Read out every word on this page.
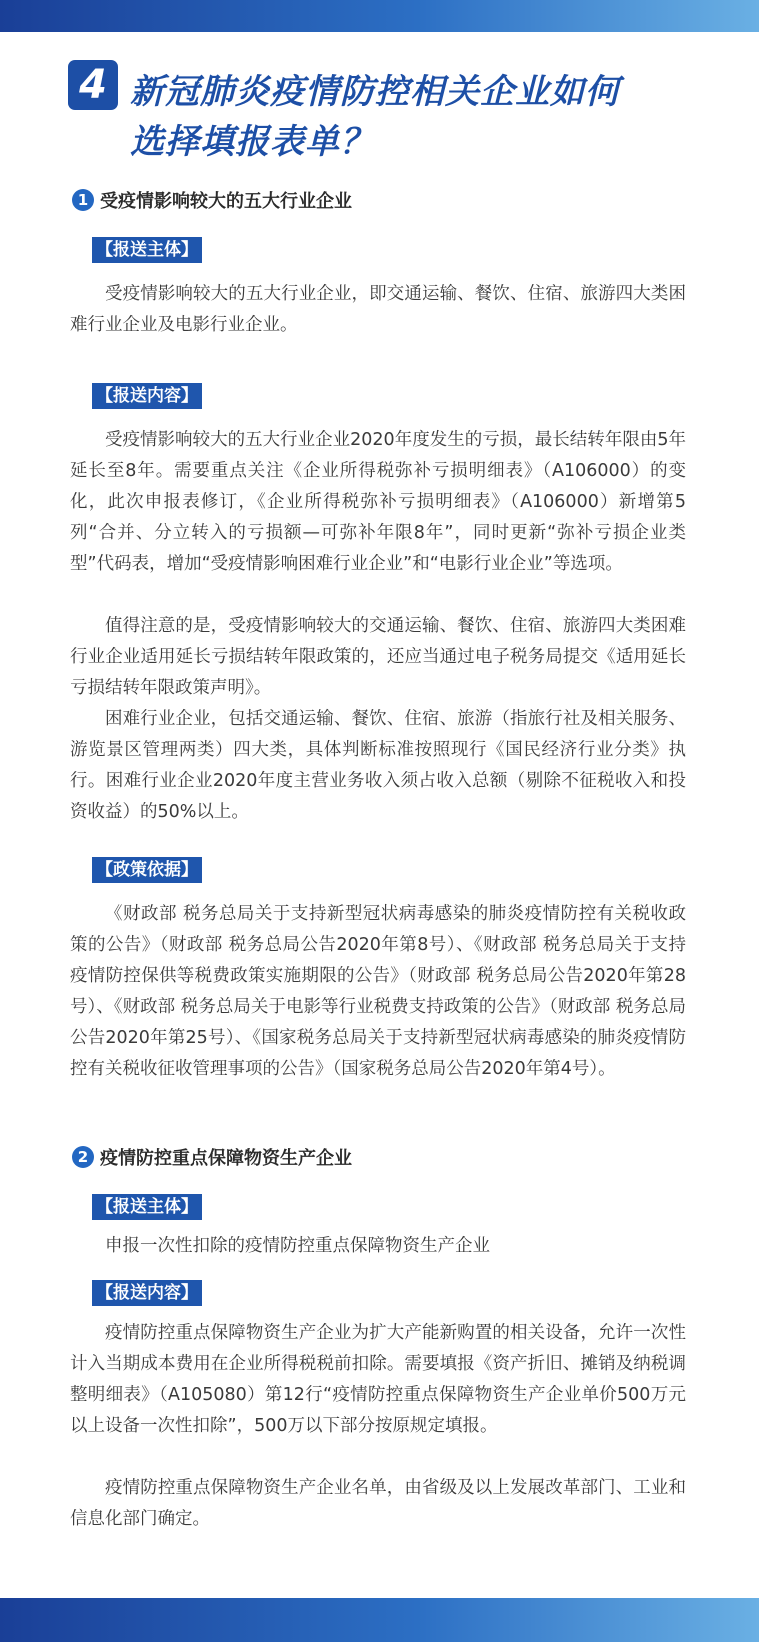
4 新冠肺炎疫情防控相关企业如何
选择填报表单？
1 受疫情影响较大的五大行业企业
【报送主体】

受疫情影响较大的五大行业企业，即交通运输、餐饮、住宿、旅游四大类困难行业企业及电影行业企业。

【报送内容】

受疫情影响较大的五大行业企业2020年度发生的亏损，最长结转年限由5年延长至8年。需要重点关注《企业所得税弥补亏损明细表》（A106000）的变化，此次申报表修订，《企业所得税弥补亏损明细表》（A106000）新增第5列“合并、分立转入的亏损额—可弥补年限8年”，同时更新“弥补亏损企业类型”代码表，增加“受疫情影响困难行业企业”和“电影行业企业”等选项。

值得注意的是，受疫情影响较大的交通运输、餐饮、住宿、旅游四大类困难行业企业适用延长亏损结转年限政策的，还应当通过电子税务局提交《适用延长亏损结转年限政策声明》。

困难行业企业，包括交通运输、餐饮、住宿、旅游（指旅行社及相关服务、游览景区管理两类）四大类，具体判断标准按照现行《国民经济行业分类》执行。困难行业企业2020年度主营业务收入须占收入总额（剔除不征税收入和投资收益）的50%以上。

【政策依据】

《财政部 税务总局关于支持新型冠状病毒感染的肺炎疫情防控有关税收政策的公告》（财政部 税务总局公告2020年第8号）、《财政部 税务总局关于支持疫情防控保供等税费政策实施期限的公告》（财政部 税务总局公告2020年第28号）、《财政部 税务总局关于电影等行业税费支持政策的公告》（财政部 税务总局公告2020年第25号）、《国家税务总局关于支持新型冠状病毒感染的肺炎疫情防控有关税收征收管理事项的公告》（国家税务总局公告2020年第4号）。

2 疫情防控重点保障物资生产企业
【报送主体】

申报一次性扣除的疫情防控重点保障物资生产企业

【报送内容】

疫情防控重点保障物资生产企业为扩大产能新购置的相关设备，允许一次性计入当期成本费用在企业所得税税前扣除。需要填报《资产折旧、摊销及纳税调整明细表》（A105080）第12行“疫情防控重点保障物资生产企业单价500万元以上设备一次性扣除”，500万以下部分按原规定填报。

疫情防控重点保障物资生产企业名单，由省级及以上发展改革部门、工业和信息化部门确定。
